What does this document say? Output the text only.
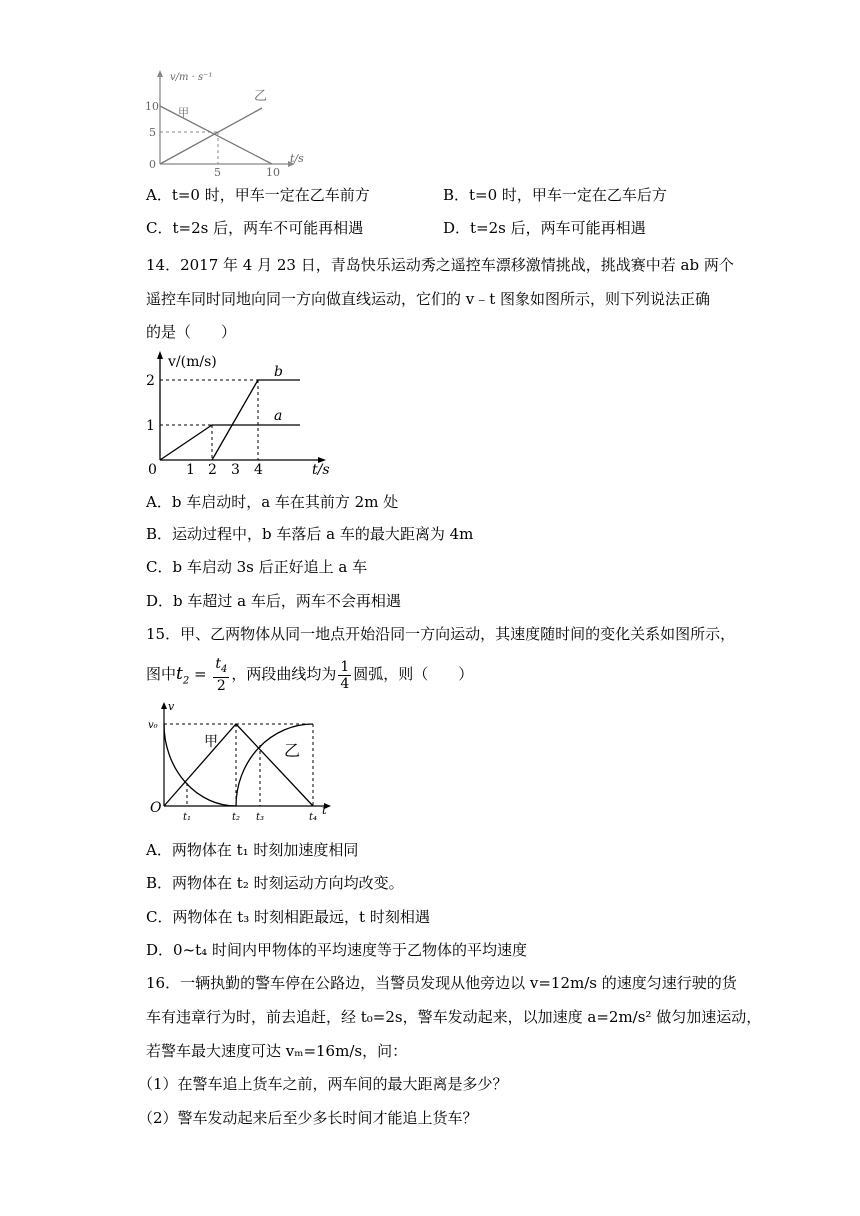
v/m · s⁻¹
t/s
10
5
0
5	10
甲
乙
A．t=0 时，甲车一定在乙车前方	B．t=0 时，甲车一定在乙车后方
C．t=2s 后，两车不可能再相遇	D．t=2s 后，两车可能再相遇
14．2017 年 4 月 23 日，青岛快乐运动秀之遥控车漂移激情挑战，挑战赛中若 ab 两个
遥控车同时同地向同一方向做直线运动，它们的 v﹣t 图象如图所示，则下列说法正确
的是（　　）
v/(m/s)
t/s
2
1
0 1 2 3 4
b
a
A．b 车启动时，a 车在其前方 2m 处
B．运动过程中，b 车落后 a 车的最大距离为 4m
C．b 车启动 3s 后正好追上 a 车
D．b 车超过 a 车后，两车不会再相遇
15．甲、乙两物体从同一地点开始沿同一方向运动，其速度随时间的变化关系如图所示，
图中$t_2 = \frac{t_4}{2}$ ，两段曲线均为 $\frac{1}{4}$ 圆弧，则（　　）
v
v₀
O	t
t₁	t₂ t₃	t₄
甲	乙
A．两物体在 t₁ 时刻加速度相同
B．两物体在 t₂ 时刻运动方向均改变。
C．两物体在 t₃ 时刻相距最远，t 时刻相遇
D．0~t₄ 时间内甲物体的平均速度等于乙物体的平均速度
16．一辆执勤的警车停在公路边，当警员发现从他旁边以 v=12m/s 的速度匀速行驶的货
车有违章行为时，前去追赶，经 t₀=2s，警车发动起来，以加速度 a=2m/s² 做匀加速运动，
若警车最大速度可达 vₘ=16m/s，问：
（1）在警车追上货车之前，两车间的最大距离是多少？
（2）警车发动起来后至少多长时间才能追上货车？
